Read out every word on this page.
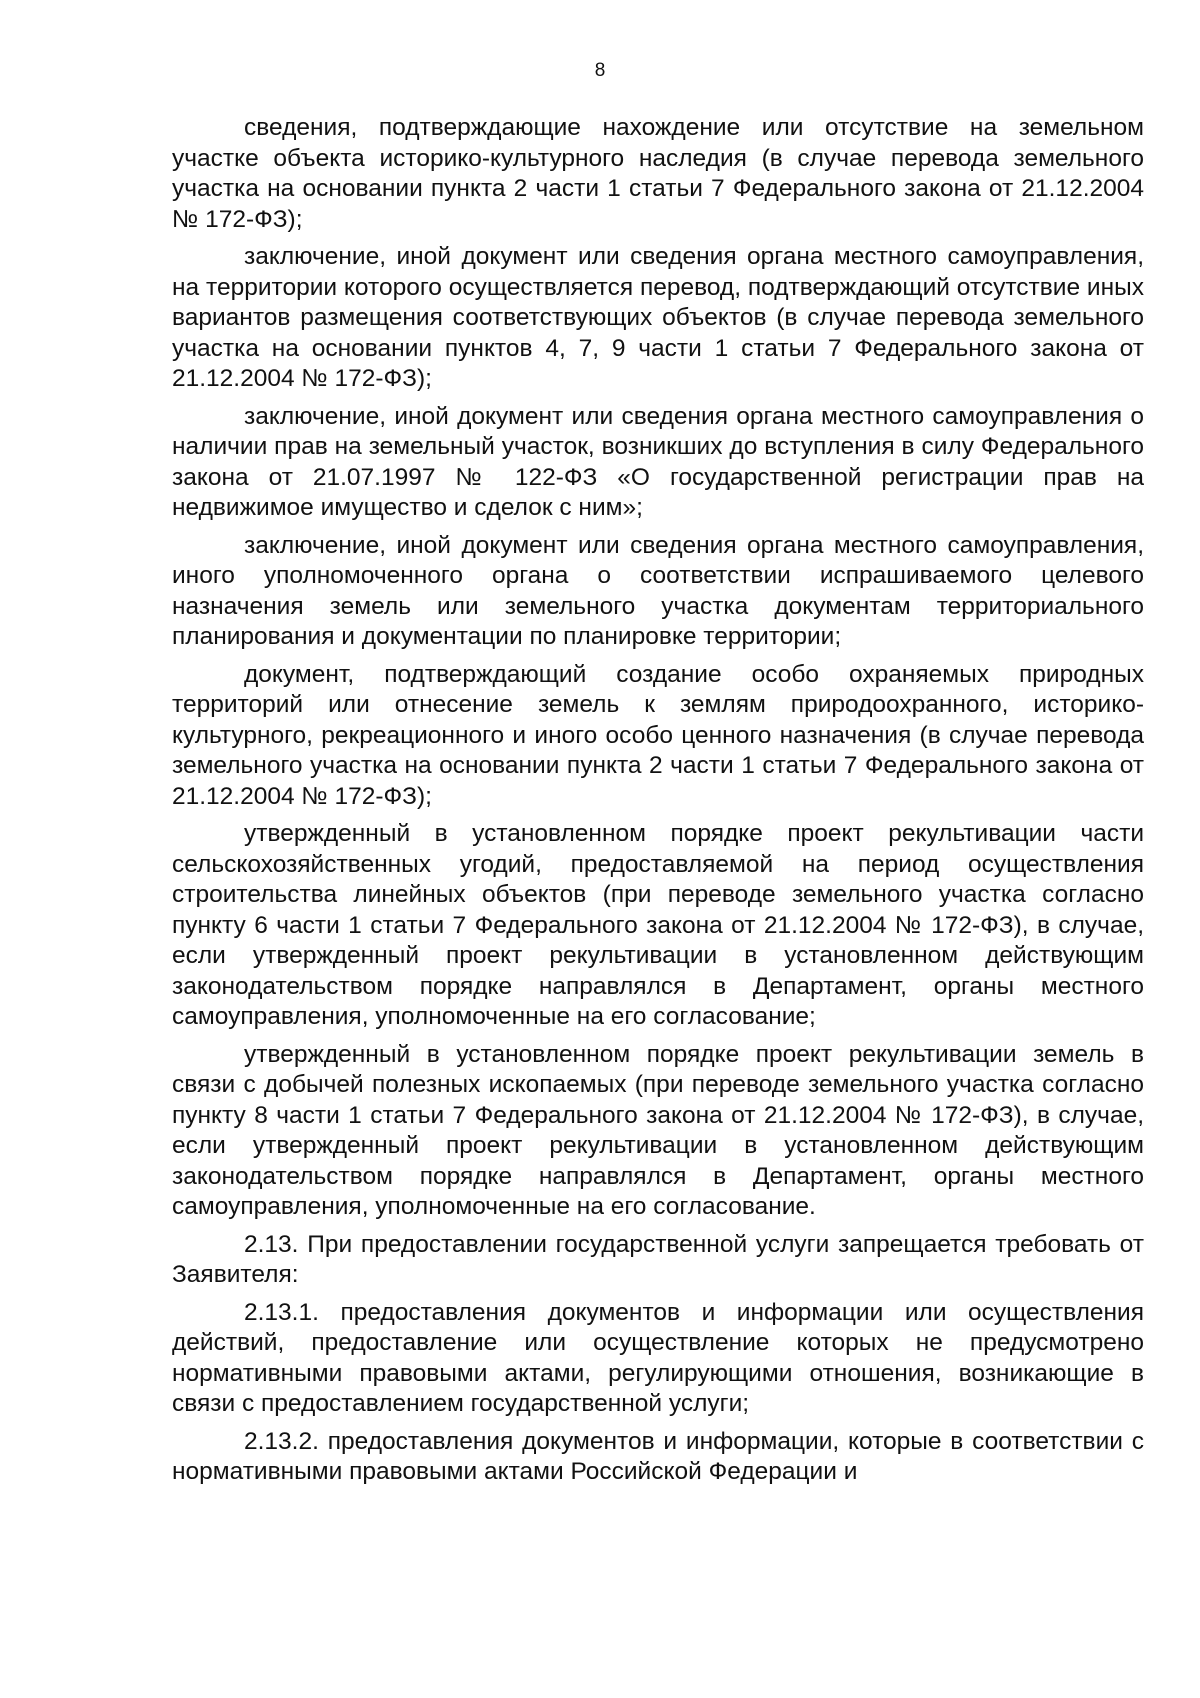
8

сведения, подтверждающие нахождение или отсутствие на земельном участке объекта историко-культурного наследия (в случае перевода земельного участка на основании пункта 2 части 1 статьи 7 Федерального закона от 21.12.2004 № 172-ФЗ);

заключение, иной документ или сведения органа местного самоуправления, на территории которого осуществляется перевод, подтверждающий отсутствие иных вариантов размещения соответствующих объектов (в случае перевода земельного участка на основании пунктов 4, 7, 9 части 1 статьи 7 Федерального закона от 21.12.2004 № 172-ФЗ);

заключение, иной документ или сведения органа местного самоуправления о наличии прав на земельный участок, возникших до вступления в силу Федерального закона от 21.07.1997 № 122-ФЗ «О государственной регистрации прав на недвижимое имущество и сделок с ним»;

заключение, иной документ или сведения органа местного самоуправления, иного уполномоченного органа о соответствии испрашиваемого целевого назначения земель или земельного участка документам территориального планирования и документации по планировке территории;

документ, подтверждающий создание особо охраняемых природных территорий или отнесение земель к землям природоохранного, историко-культурного, рекреационного и иного особо ценного назначения (в случае перевода земельного участка на основании пункта 2 части 1 статьи 7 Федерального закона от 21.12.2004 № 172-ФЗ);

утвержденный в установленном порядке проект рекультивации части сельскохозяйственных угодий, предоставляемой на период осуществления строительства линейных объектов (при переводе земельного участка согласно пункту 6 части 1 статьи 7 Федерального закона от 21.12.2004 № 172-ФЗ), в случае, если утвержденный проект рекультивации в установленном действующим законодательством порядке направлялся в Департамент, органы местного самоуправления, уполномоченные на его согласование;

утвержденный в установленном порядке проект рекультивации земель в связи с добычей полезных ископаемых (при переводе земельного участка согласно пункту 8 части 1 статьи 7 Федерального закона от 21.12.2004 № 172-ФЗ), в случае, если утвержденный проект рекультивации в установленном действующим законодательством порядке направлялся в Департамент, органы местного самоуправления, уполномоченные на его согласование.

2.13. При предоставлении государственной услуги запрещается требовать от Заявителя:

2.13.1. предоставления документов и информации или осуществления действий, предоставление или осуществление которых не предусмотрено нормативными правовыми актами, регулирующими отношения, возникающие в связи с предоставлением государственной услуги;

2.13.2. предоставления документов и информации, которые в соответствии с нормативными правовыми актами Российской Федерации и
